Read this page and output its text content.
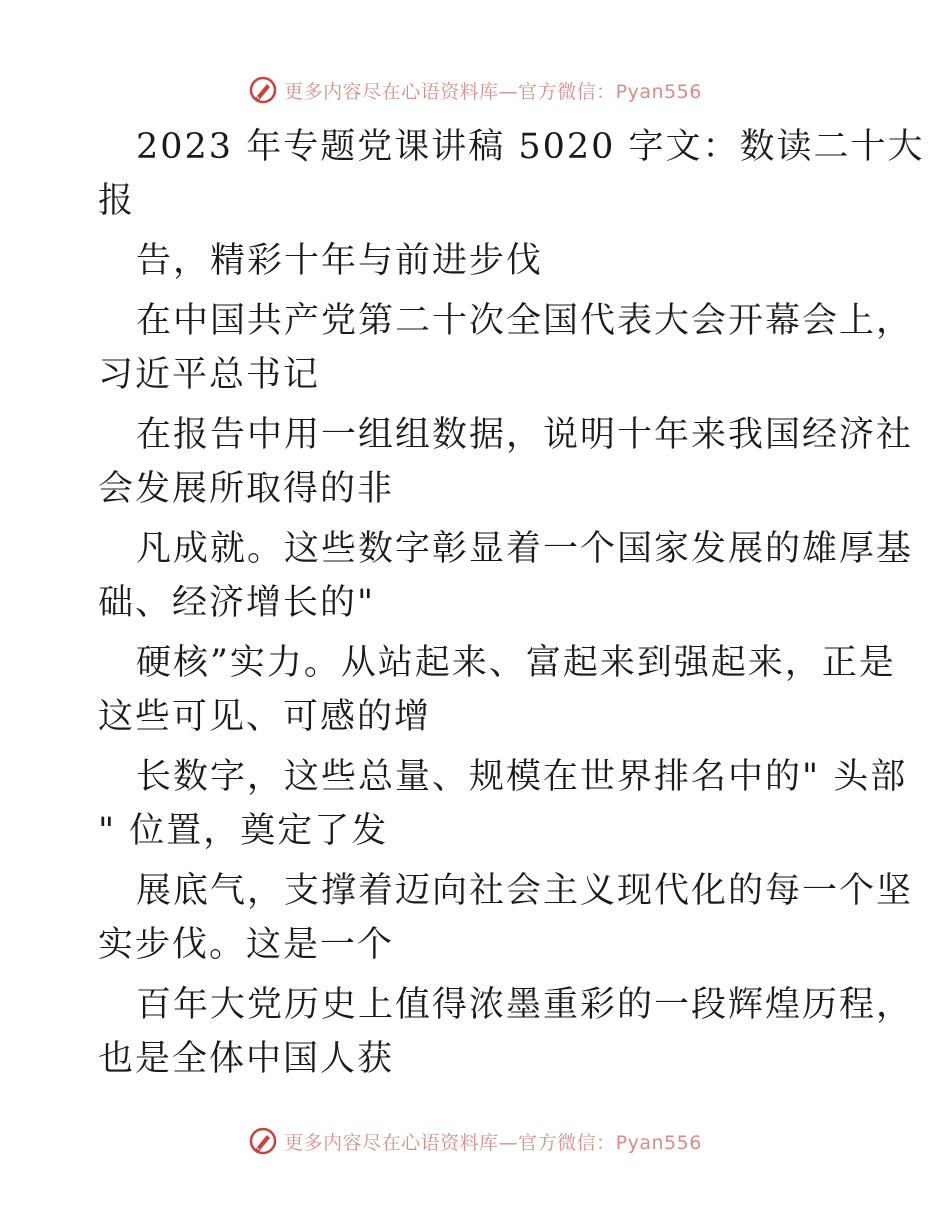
更多内容尽在心语资料库—官方微信：Pyan556
2023 年专题党课讲稿 5020 字文：数读二十大
报
告，精彩十年与前进步伐
在中国共产党第二十次全国代表大会开幕会上，
习近平总书记
在报告中用一组组数据，说明十年来我国经济社
会发展所取得的非
凡成就。这些数字彰显着一个国家发展的雄厚基
础、经济增长的"
硬核”实力。从站起来、富起来到强起来，正是
这些可见、可感的增
长数字，这些总量、规模在世界排名中的" 头部
" 位置，奠定了发
展底气，支撑着迈向社会主义现代化的每一个坚
实步伐。这是一个
百年大党历史上值得浓墨重彩的一段辉煌历程，
也是全体中国人获
更多内容尽在心语资料库—官方微信：Pyan556
